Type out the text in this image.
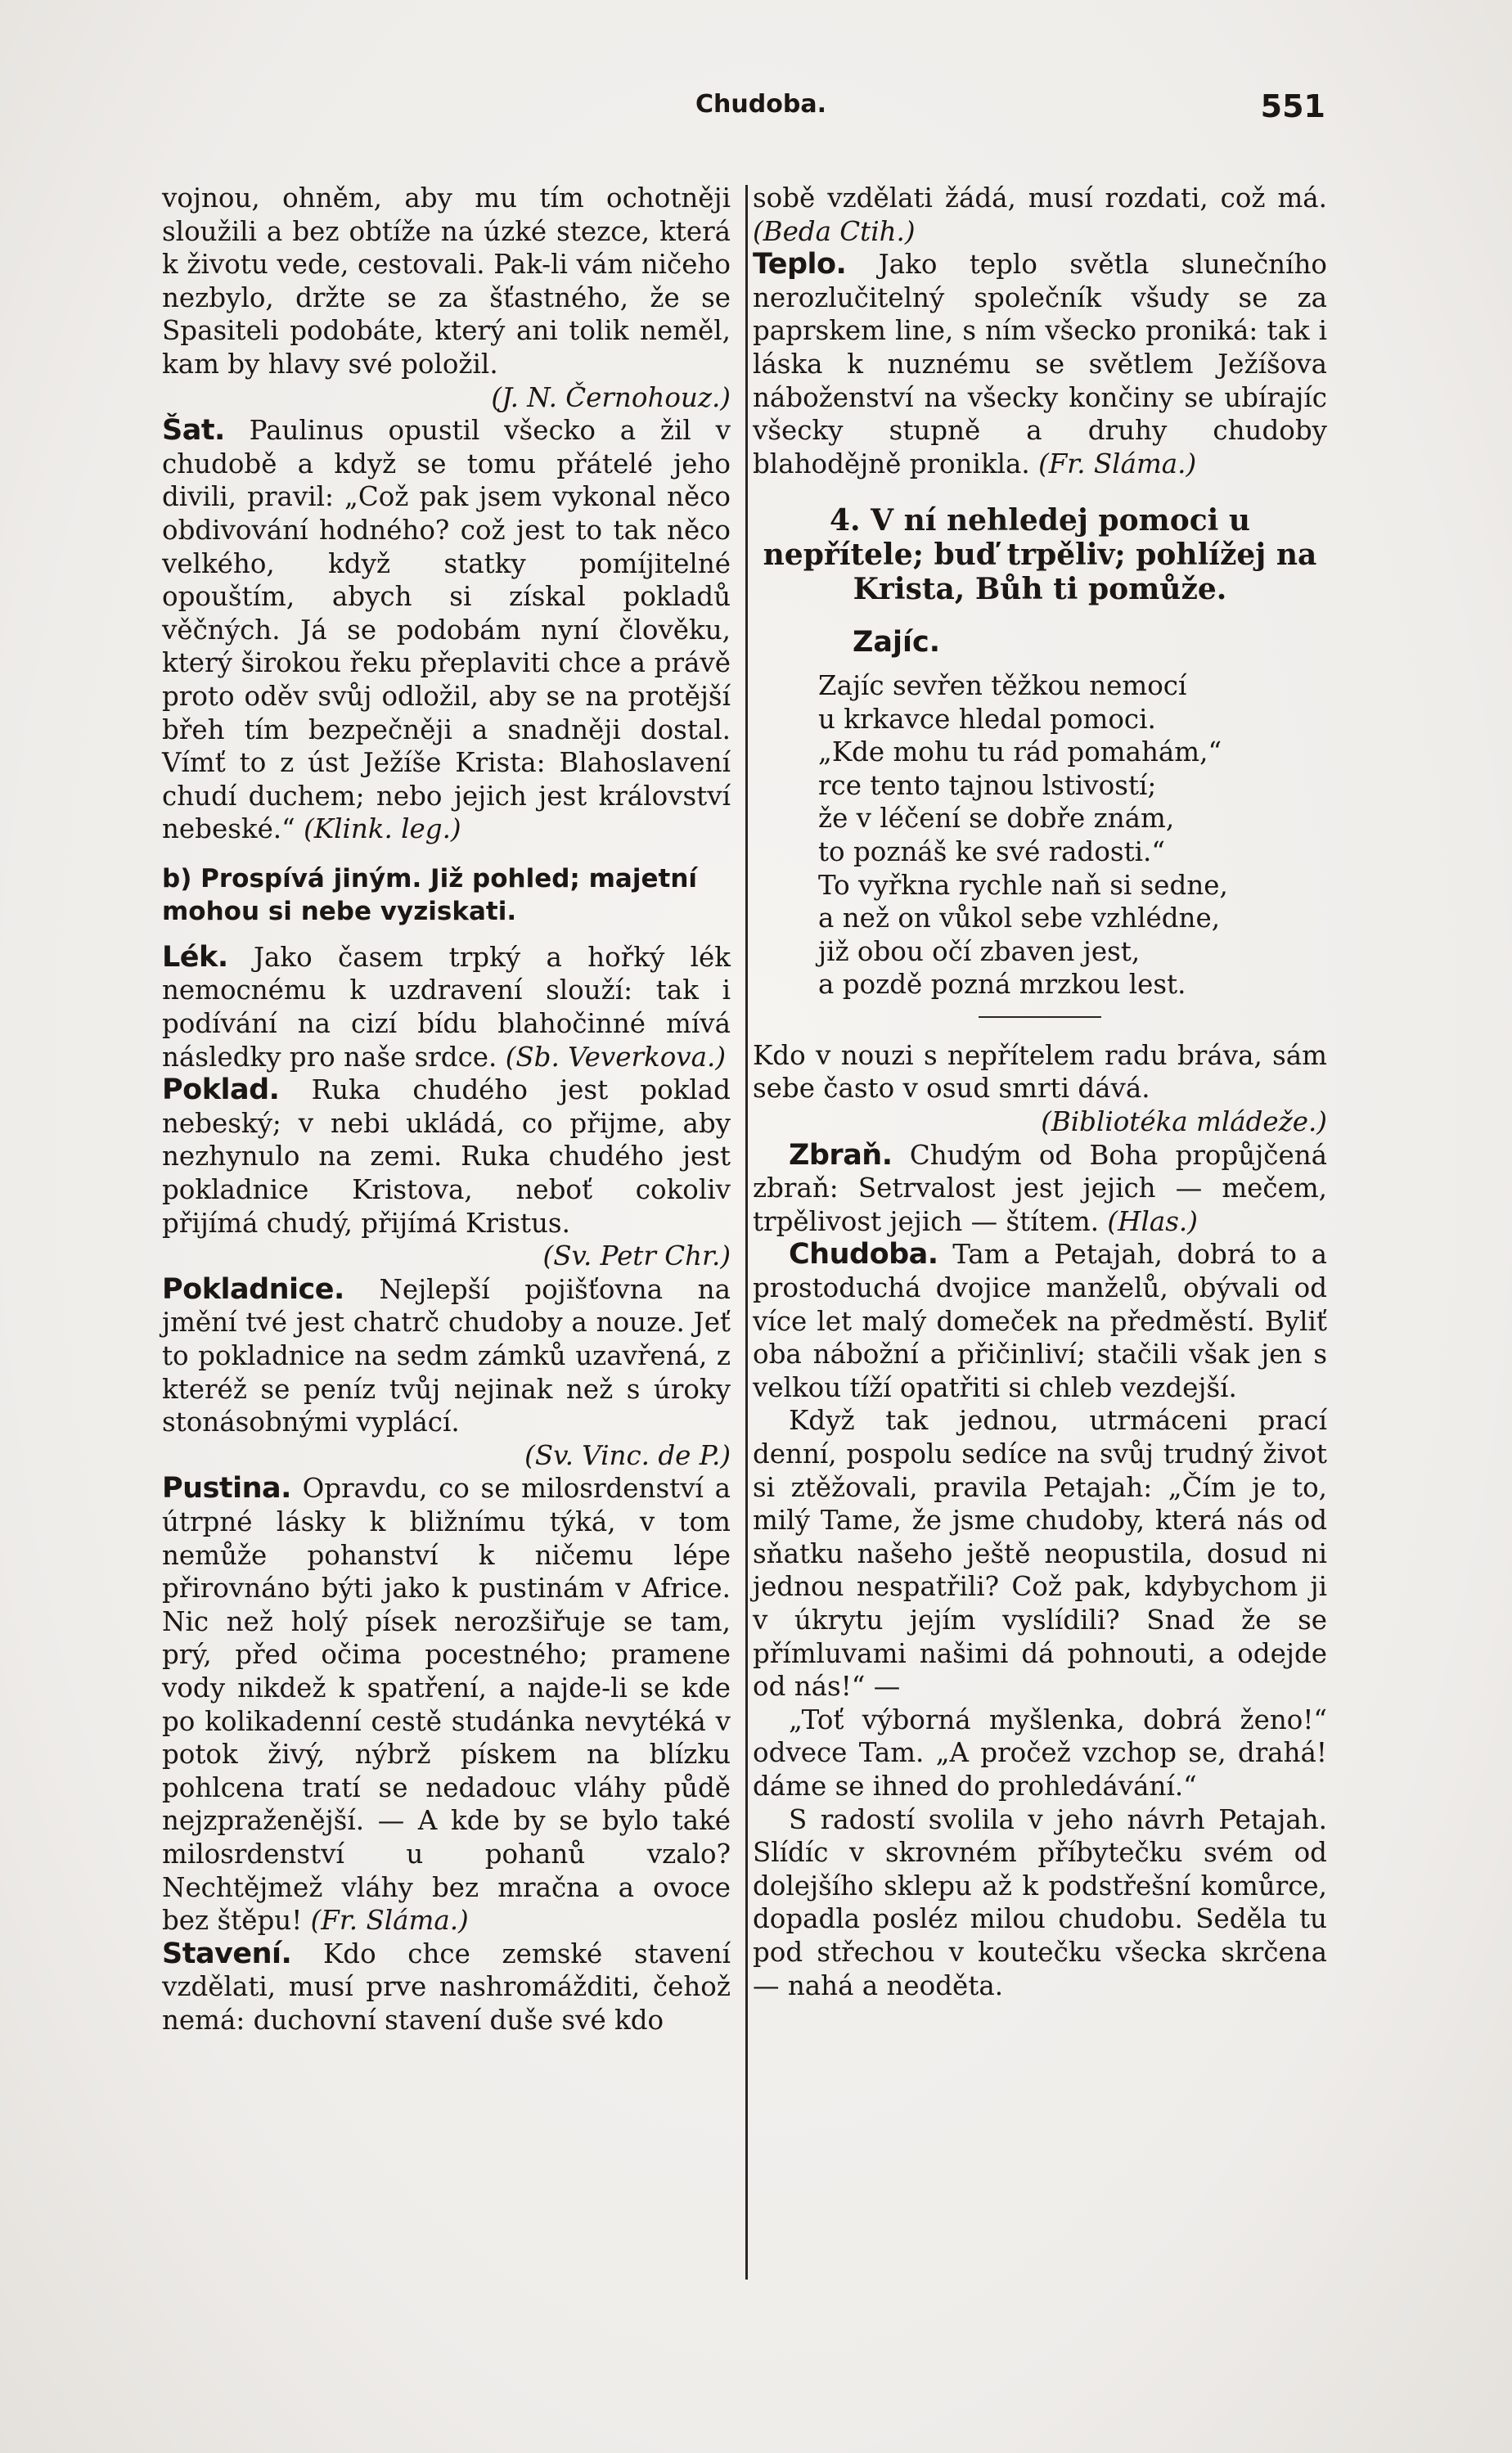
Chudoba.	551

vojnou, ohněm, aby mu tím ochotněji sloužili a bez obtíže na úzké stezce, která k životu vede, cestovali. Pak-li vám ničeho nezbylo, držte se za šťastného, že se Spasiteli podobáte, který ani tolik neměl, kam by hlavy své položil.

(J. N. Černohouz.)

Šat. Paulinus opustil všecko a žil v chudobě a když se tomu přátelé jeho divili, pravil: „Což pak jsem vykonal něco obdivování hodného? což jest to tak něco velkého, když statky pomíjitelné opouštím, abych si získal pokladů věčných. Já se podobám nyní člověku, který širokou řeku přeplaviti chce a právě proto oděv svůj odložil, aby se na protější břeh tím bezpečněji a snadněji dostal. Vímť to z úst Ježíše Krista: Blahoslavení chudí duchem; nebo jejich jest království nebeské.“ (Klink. leg.)

b) Prospívá jiným. Již pohled; majetní mohou si nebe vyziskati.

Lék. Jako časem trpký a hořký lék nemocnému k uzdravení slouží: tak i podívání na cizí bídu blahočinné mívá následky pro naše srdce. (Sb. Veverkova.)

Poklad. Ruka chudého jest poklad nebeský; v nebi ukládá, co přijme, aby nezhynulo na zemi. Ruka chudého jest pokladnice Kristova, neboť cokoliv přijímá chudý, přijímá Kristus.

(Sv. Petr Chr.)

Pokladnice. Nejlepší pojišťovna na jmění tvé jest chatrč chudoby a nouze. Jeť to pokladnice na sedm zámků uzavřená, z kteréž se peníz tvůj nejinak než s úroky stonásobnými vyplácí.

(Sv. Vinc. de P.)

Pustina. Opravdu, co se milosrdenství a útrpné lásky k bližnímu týká, v tom nemůže pohanství k ničemu lépe přirovnáno býti jako k pustinám v Africe. Nic než holý písek nerozšiřuje se tam, prý, před očima pocestného; pramene vody nikdež k spatření, a najde-li se kde po kolikadenní cestě studánka nevytéká v potok živý, nýbrž pískem na blízku pohlcena tratí se nedadouc vláhy půdě nejzpraženější. — A kde by se bylo také milosrdenství u pohanů vzalo? Nechtějmež vláhy bez mračna a ovoce bez štěpu! (Fr. Sláma.)

Stavení. Kdo chce zemské stavení vzdělati, musí prve nashromážditi, čehož nemá: duchovní stavení duše své kdo

sobě vzdělati žádá, musí rozdati, což má. (Beda Ctih.)

Teplo. Jako teplo světla slunečního nerozlučitelný společník všudy se za paprskem line, s ním všecko proniká: tak i láska k nuznému se světlem Ježíšova náboženství na všecky končiny se ubírajíc všecky stupně a druhy chudoby blahodějně pronikla. (Fr. Sláma.)

4. V ní nehledej pomoci u nepřítele; buď trpěliv; pohlížej na
Krista, Bůh ti pomůže.
Zajíc.
Zajíc sevřen těžkou nemocí
u krkavce hledal pomoci.
„Kde mohu tu rád pomahám,“
rce tento tajnou lstivostí;
že v léčení se dobře znám,
to poznáš ke své radosti.“
To vyřkna rychle naň si sedne,
a než on vůkol sebe vzhlédne,
již obou očí zbaven jest,
a pozdě pozná mrzkou lest.

Kdo v nouzi s nepřítelem radu bráva, sám sebe často v osud smrti dává.

(Bibliotéka mládeže.)

Zbraň. Chudým od Boha propůjčená zbraň: Setrvalost jest jejich — mečem, trpělivost jejich — štítem. (Hlas.)

Chudoba. Tam a Petajah, dobrá to a prostoduchá dvojice manželů, obývali od více let malý domeček na předměstí. Byliť oba nábožní a přičinliví; stačili však jen s velkou tíží opatřiti si chleb vezdejší.

Když tak jednou, utrmáceni prací denní, pospolu sedíce na svůj trudný život si ztěžovali, pravila Petajah: „Čím je to, milý Tame, že jsme chudoby, která nás od sňatku našeho ještě neopustila, dosud ni jednou nespatřili? Což pak, kdybychom ji v úkrytu jejím vyslídili? Snad že se přímluvami našimi dá pohnouti, a odejde od nás!“ —

„Toť výborná myšlenka, dobrá ženo!“ odvece Tam. „A pročež vzchop se, drahá! dáme se ihned do prohledávání.“

S radostí svolila v jeho návrh Petajah. Slídíc v skrovném příbytečku svém od dolejšího sklepu až k podstřešní komůrce, dopadla posléz milou chudobu. Seděla tu pod střechou v koutečku všecka skrčena — nahá a neoděta.
